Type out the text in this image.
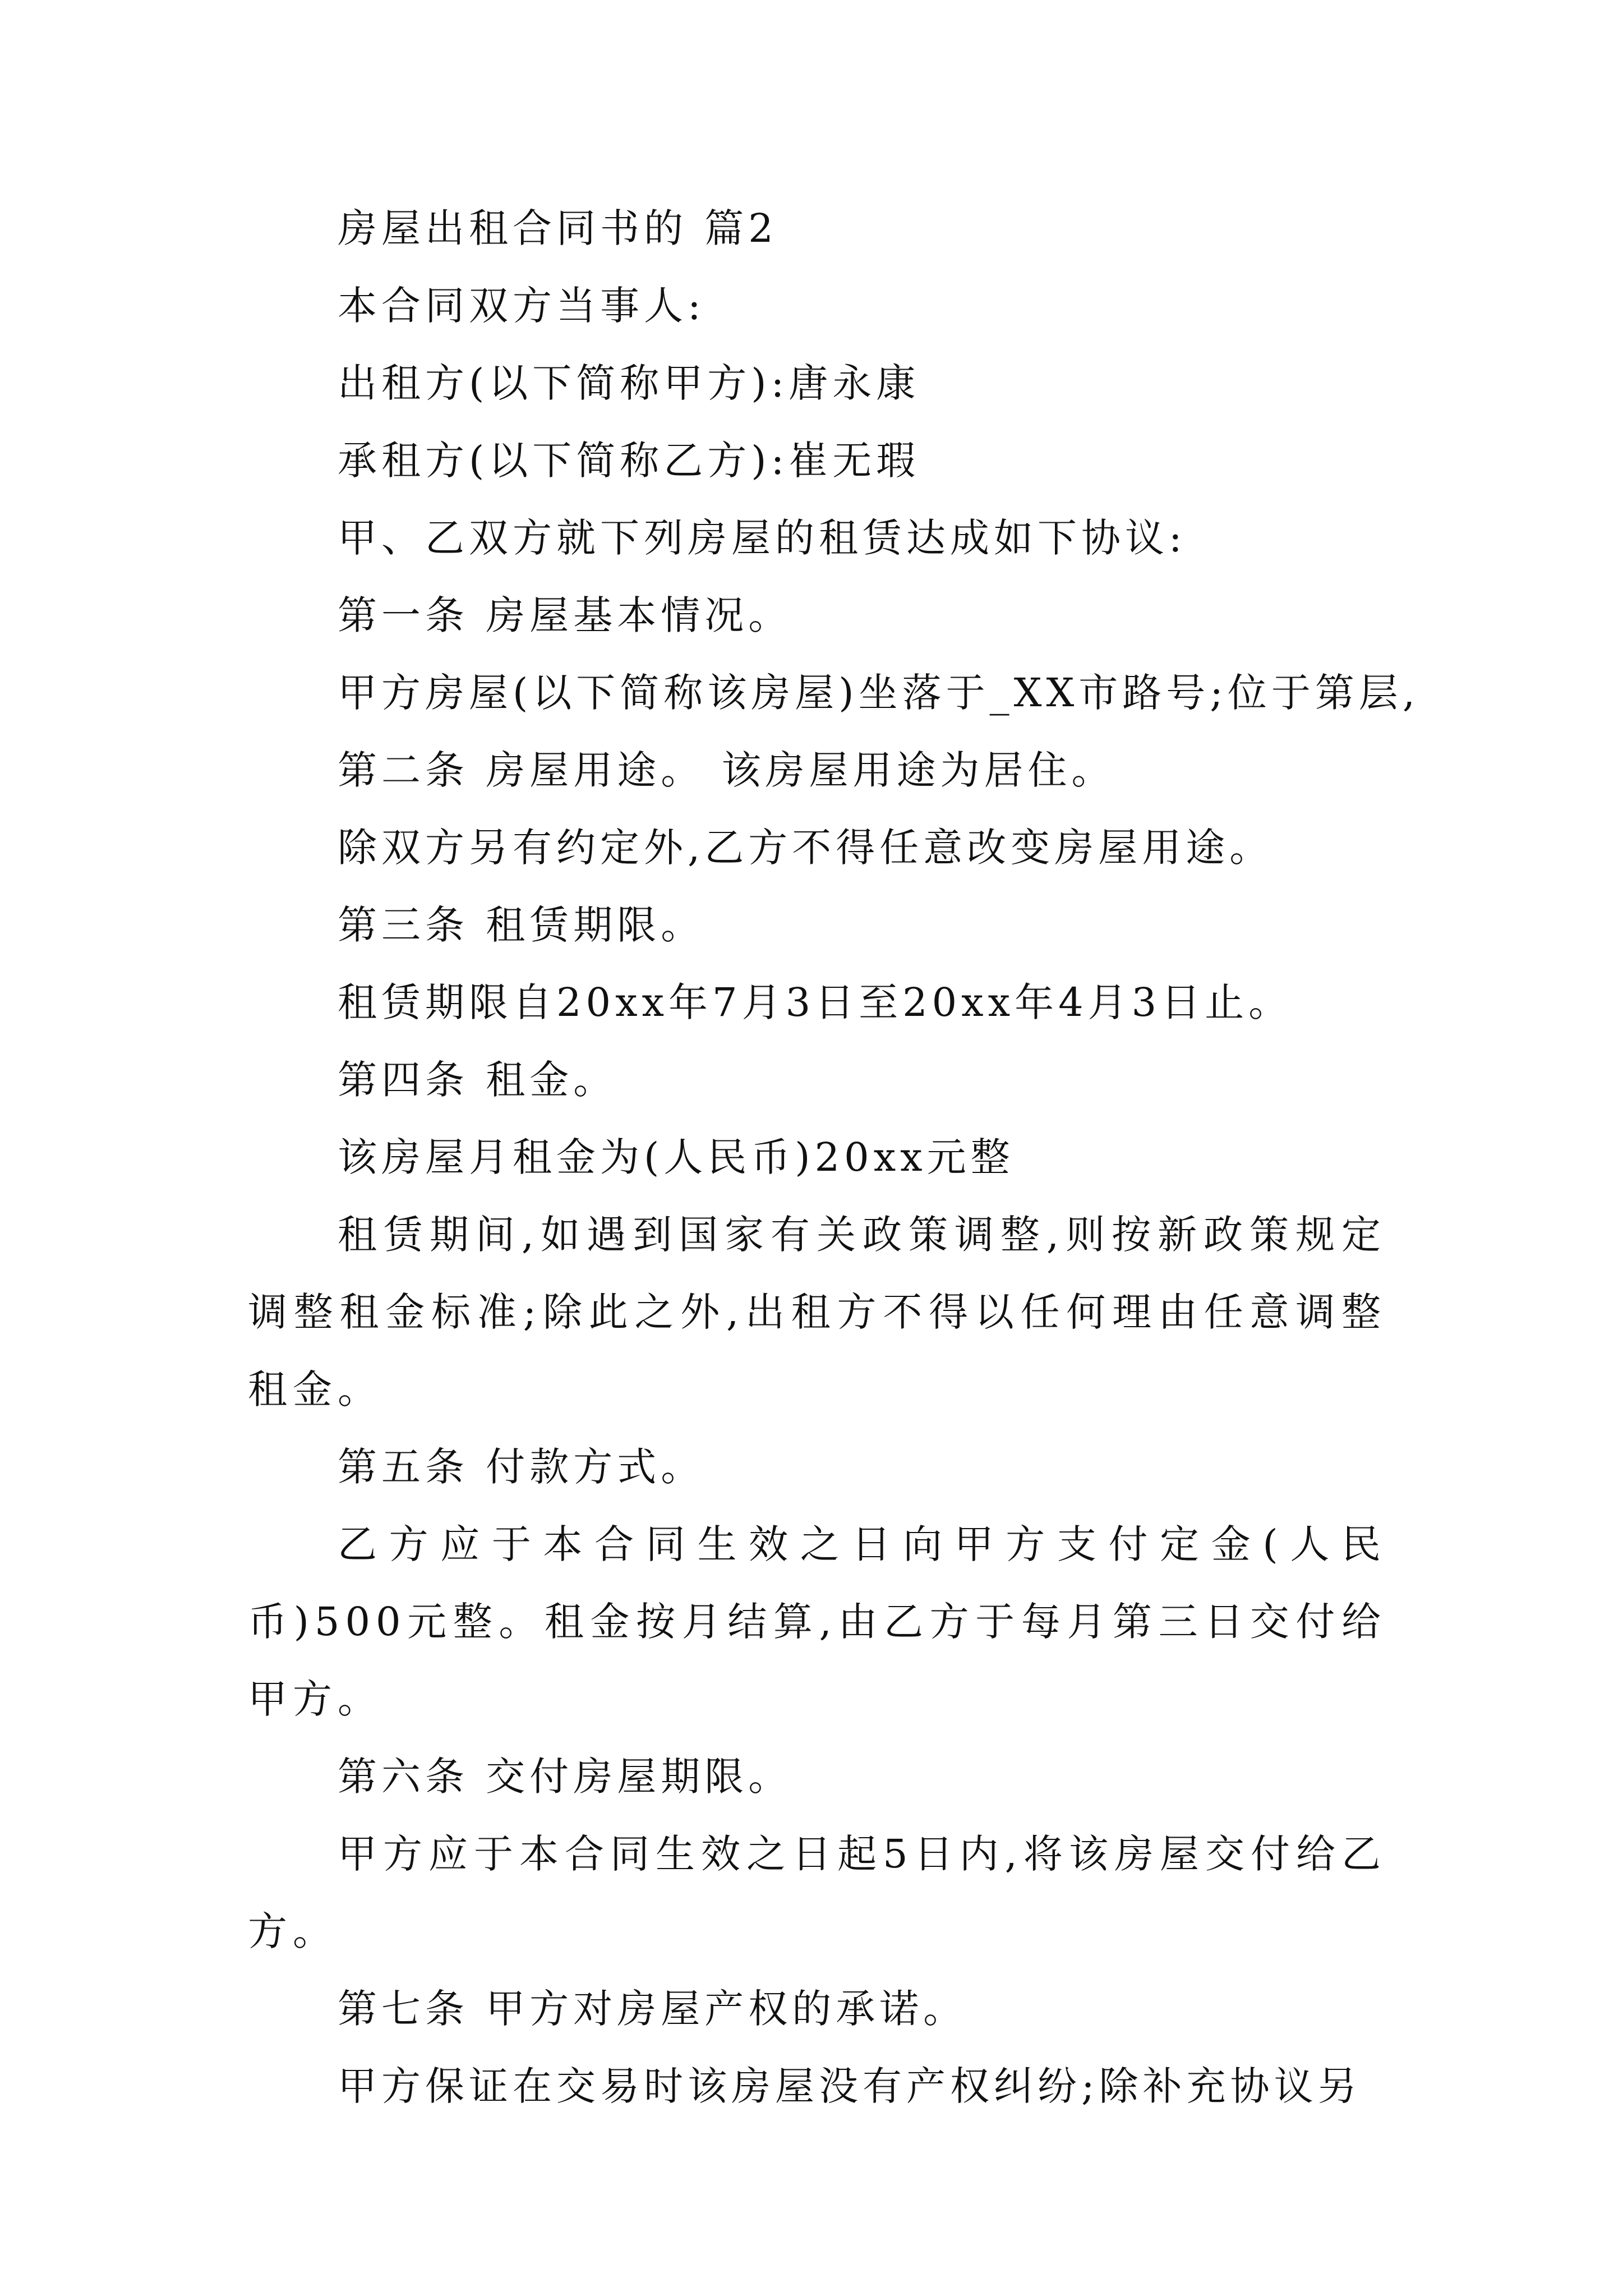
房屋出租合同书的 篇2
本合同双方当事人:
出租方(以下简称甲方):唐永康
承租方(以下简称乙方):崔无瑕
甲、乙双方就下列房屋的租赁达成如下协议:
第一条 房屋基本情况。
甲方房屋(以下简称该房屋)坐落于_XX市路号;位于第层,
第二条 房屋用途。 该房屋用途为居住。
除双方另有约定外,乙方不得任意改变房屋用途。
第三条 租赁期限。
租赁期限自20xx年7月3日至20xx年4月3日止。
第四条 租金。
该房屋月租金为(人民币)20xx元整
租赁期间,如遇到国家有关政策调整,则按新政策规定调整租金标准;除此之外,出租方不得以任何理由任意调整租金。
第五条 付款方式。
乙方应于本合同生效之日向甲方支付定金(人民币)500元整。租金按月结算,由乙方于每月第三日交付给甲方。
第六条 交付房屋期限。
甲方应于本合同生效之日起5日内,将该房屋交付给乙方。
第七条 甲方对房屋产权的承诺。
甲方保证在交易时该房屋没有产权纠纷;除补充协议另
